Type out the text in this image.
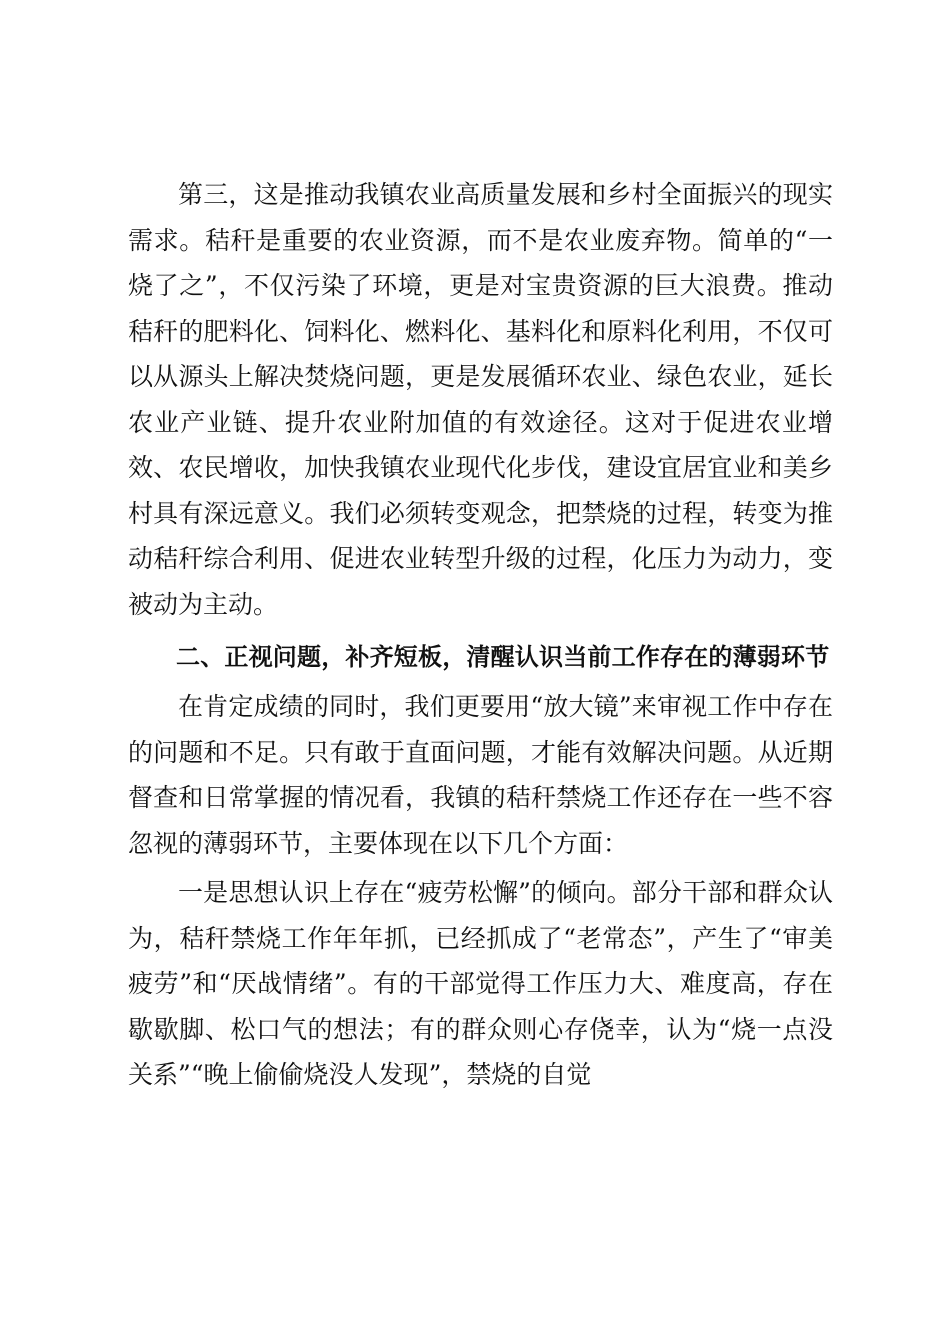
第三，这是推动我镇农业高质量发展和乡村全面振兴的现实需求。秸秆是重要的农业资源，而不是农业废弃物。简单的“一烧了之”，不仅污染了环境，更是对宝贵资源的巨大浪费。推动秸秆的肥料化、饲料化、燃料化、基料化和原料化利用，不仅可以从源头上解决焚烧问题，更是发展循环农业、绿色农业，延长农业产业链、提升农业附加值的有效途径。这对于促进农业增效、农民增收，加快我镇农业现代化步伐，建设宜居宜业和美乡村具有深远意义。我们必须转变观念，把禁烧的过程，转变为推动秸秆综合利用、促进农业转型升级的过程，化压力为动力，变被动为主动。

二、正视问题，补齐短板，清醒认识当前工作存在的薄弱环节

在肯定成绩的同时，我们更要用“放大镜”来审视工作中存在的问题和不足。只有敢于直面问题，才能有效解决问题。从近期督查和日常掌握的情况看，我镇的秸秆禁烧工作还存在一些不容忽视的薄弱环节，主要体现在以下几个方面：

一是思想认识上存在“疲劳松懈”的倾向。部分干部和群众认为，秸秆禁烧工作年年抓，已经抓成了“老常态”，产生了“审美疲劳”和“厌战情绪”。有的干部觉得工作压力大、难度高，存在歇歇脚、松口气的想法；有的群众则心存侥幸，认为“烧一点没关系”“晚上偷偷烧没人发现”，禁烧的自觉
